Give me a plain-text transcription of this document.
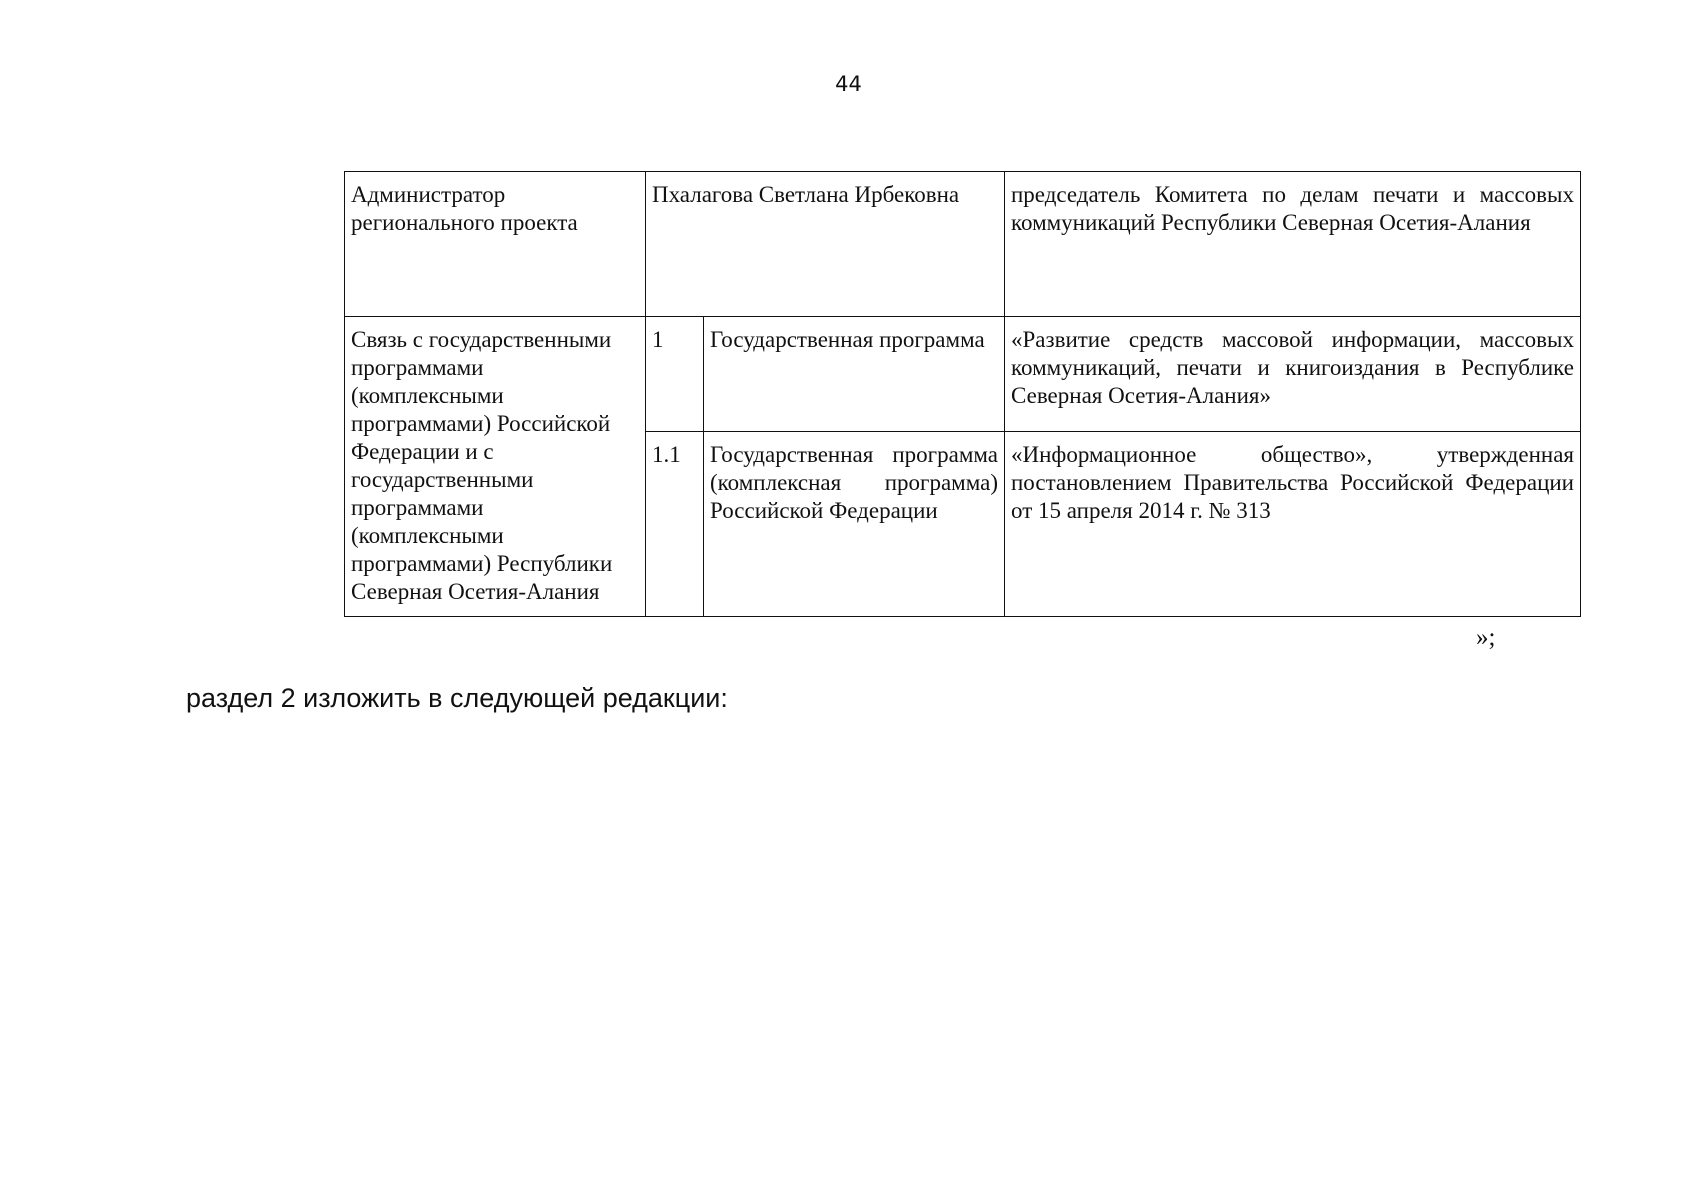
44
Администратор регионального проекта	Пхалагова Светлана Ирбековна		председатель Комитета по делам печати и массовых коммуникаций Республики Северная Осетия-Алания
Связь с государственными программами (комплексными программами) Российской Федерации и с государственными программами (комплексными программами) Республики Северная Осетия-Алания	1	Государственная программа	«Развитие средств массовой информации, массовых коммуникаций, печати и книгоиздания в Республике Северная Осетия-Алания»
	1.1	Государственная программа (комплексная программа) Российской Федерации	«Информационное общество», утвержденная постановлением Правительства Российской Федерации от 15 апреля 2014 г. № 313
»;
раздел 2 изложить в следующей редакции:
